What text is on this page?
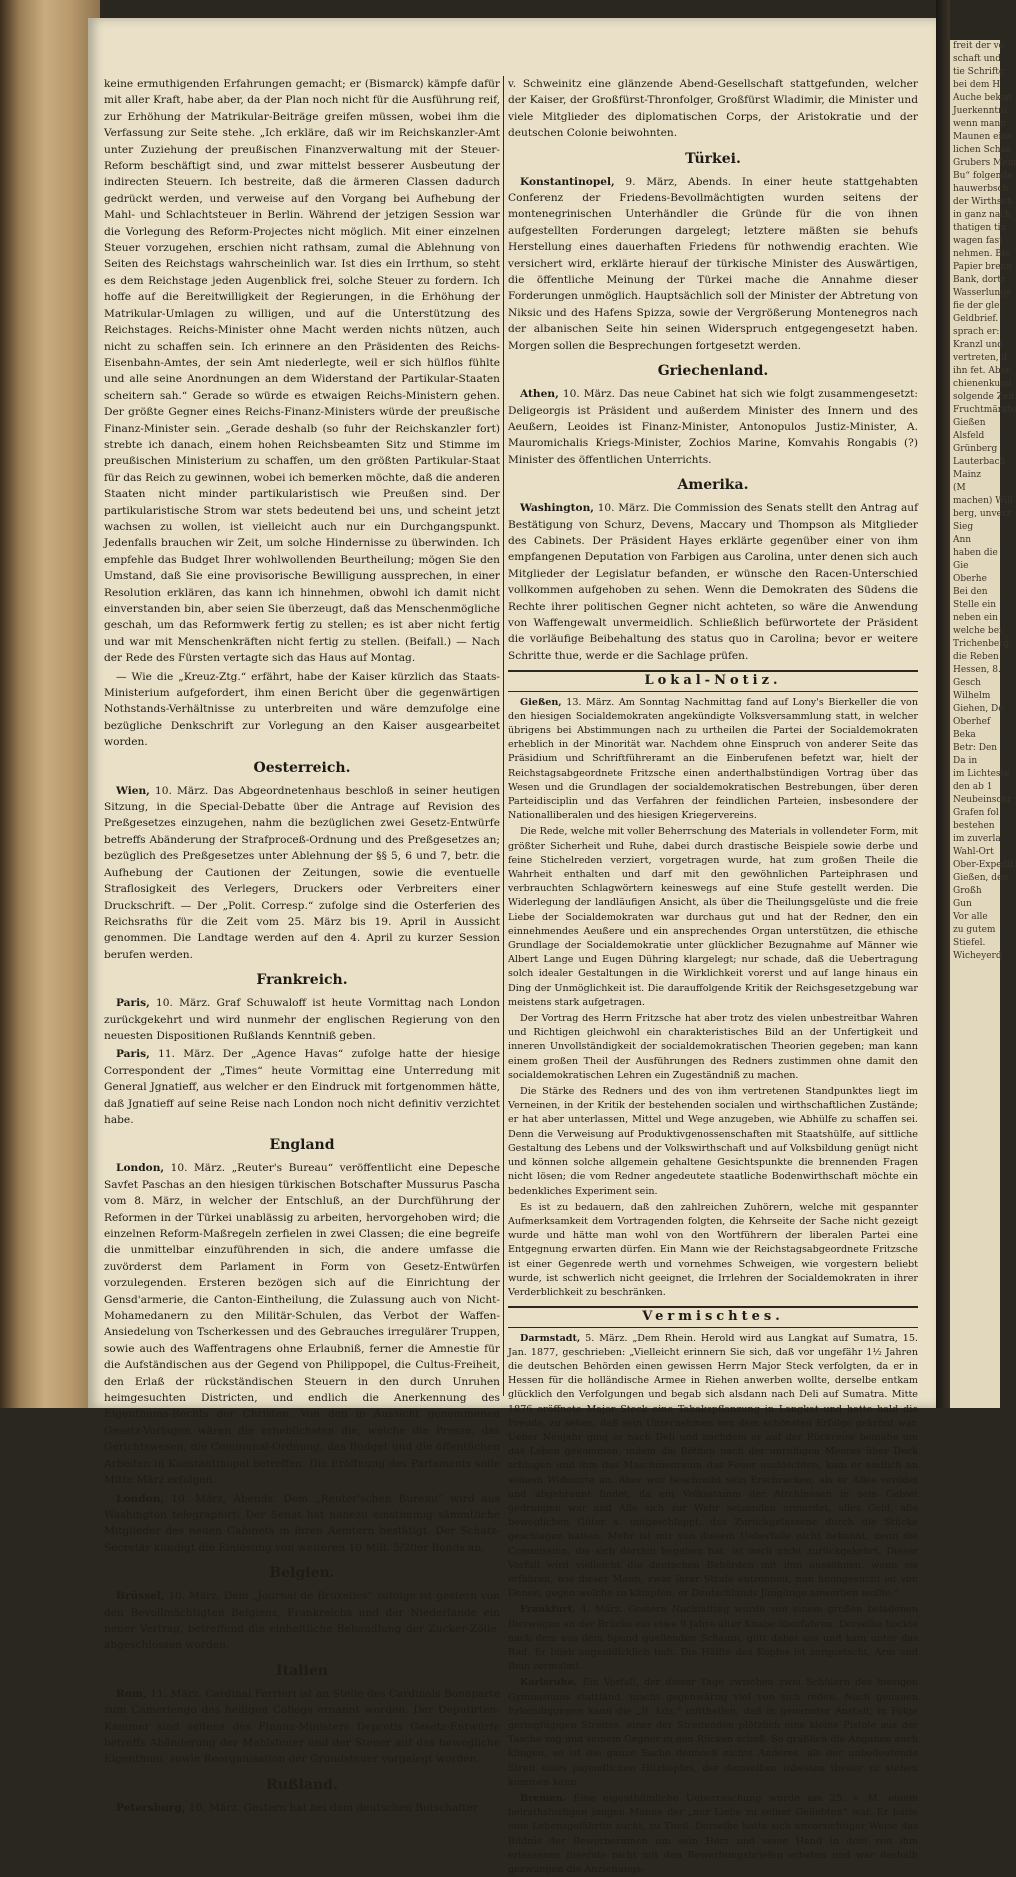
keine ermuthigenden Erfahrungen gemacht; er (Bismarck) kämpfe dafür mit aller Kraft, habe aber, da der Plan noch nicht für die Ausführung reif, zur Erhöhung der Matrikular-Beiträge greifen müssen, wobei ihm die Verfassung zur Seite stehe. „Ich erkläre, daß wir im Reichskanzler-Amt unter Zuziehung der preußischen Finanzverwaltung mit der Steuer-Reform beschäftigt sind, und zwar mittelst besserer Ausbeutung der indirecten Steuern. Ich bestreite, daß die ärmeren Classen dadurch gedrückt werden, und verweise auf den Vorgang bei Aufhebung der Mahl- und Schlachtsteuer in Berlin. Während der jetzigen Session war die Vorlegung des Reform-Projectes nicht möglich. Mit einer einzelnen Steuer vorzugehen, erschien nicht rathsam, zumal die Ablehnung von Seiten des Reichstags wahrscheinlich war. Ist dies ein Irrthum, so steht es dem Reichstage jeden Augenblick frei, solche Steuer zu fordern. Ich hoffe auf die Bereitwilligkeit der Regierungen, in die Erhöhung der Matrikular-Umlagen zu willigen, und auf die Unterstützung des Reichstages. Reichs-Minister ohne Macht werden nichts nützen, auch nicht zu schaffen sein. Ich erinnere an den Präsidenten des Reichs-Eisenbahn-Amtes, der sein Amt niederlegte, weil er sich hülflos fühlte und alle seine Anordnungen an dem Widerstand der Partikular-Staaten scheitern sah.“ Gerade so würde es etwaigen Reichs-Ministern gehen. Der größte Gegner eines Reichs-Finanz-Ministers würde der preußische Finanz-Minister sein. „Gerade deshalb (so fuhr der Reichskanzler fort) strebte ich danach, einem hohen Reichsbeamten Sitz und Stimme im preußischen Ministerium zu schaffen, um den größten Partikular-Staat für das Reich zu gewinnen, wobei ich bemerken möchte, daß die anderen Staaten nicht minder partikularistisch wie Preußen sind. Der partikularistische Strom war stets bedeutend bei uns, und scheint jetzt wachsen zu wollen, ist vielleicht auch nur ein Durchgangspunkt. Jedenfalls brauchen wir Zeit, um solche Hindernisse zu überwinden. Ich empfehle das Budget Ihrer wohlwollenden Beurtheilung; mögen Sie den Umstand, daß Sie eine provisorische Bewilligung aussprechen, in einer Resolution erklären, das kann ich hinnehmen, obwohl ich damit nicht einverstanden bin, aber seien Sie überzeugt, daß das Menschenmögliche geschah, um das Reformwerk fertig zu stellen; es ist aber nicht fertig und war mit Menschenkräften nicht fertig zu stellen. (Beifall.) — Nach der Rede des Fürsten vertagte sich das Haus auf Montag.

— Wie die „Kreuz-Ztg.“ erfährt, habe der Kaiser kürzlich das Staats-Ministerium aufgefordert, ihm einen Bericht über die gegenwärtigen Nothstands-Verhältnisse zu unterbreiten und wäre demzufolge eine bezügliche Denkschrift zur Vorlegung an den Kaiser ausgearbeitet worden.

Oesterreich.

Wien, 10. März. Das Abgeordnetenhaus beschloß in seiner heutigen Sitzung, in die Special-Debatte über die Antrage auf Revision des Preßgesetzes einzugehen, nahm die bezüglichen zwei Gesetz-Entwürfe betreffs Abänderung der Strafproceß-Ordnung und des Preßgesetzes an; bezüglich des Preßgesetzes unter Ablehnung der §§ 5, 6 und 7, betr. die Aufhebung der Cautionen der Zeitungen, sowie die eventuelle Straflosigkeit des Verlegers, Druckers oder Verbreiters einer Druckschrift. — Der „Polit. Corresp.“ zufolge sind die Osterferien des Reichsraths für die Zeit vom 25. März bis 19. April in Aussicht genommen. Die Landtage werden auf den 4. April zu kurzer Session berufen werden.

Frankreich.

Paris, 10. März. Graf Schuwaloff ist heute Vormittag nach London zurückgekehrt und wird nunmehr der englischen Regierung von den neuesten Dispositionen Rußlands Kenntniß geben.

Paris, 11. März. Der „Agence Havas“ zufolge hatte der hiesige Correspondent der „Times“ heute Vormittag eine Unterredung mit General Jgnatieff, aus welcher er den Eindruck mit fortgenommen hätte, daß Jgnatieff auf seine Reise nach London noch nicht definitiv verzichtet habe.

England

London, 10. März. „Reuter's Bureau“ veröffentlicht eine Depesche Savfet Paschas an den hiesigen türkischen Botschafter Mussurus Pascha vom 8. März, in welcher der Entschluß, an der Durchführung der Reformen in der Türkei unablässig zu arbeiten, hervorgehoben wird; die einzelnen Reform-Maßregeln zerfielen in zwei Classen; die eine begreife die unmittelbar einzuführenden in sich, die andere umfasse die zuvörderst dem Parlament in Form von Gesetz-Entwürfen vorzulegenden. Ersteren bezögen sich auf die Einrichtung der Gensd'armerie, die Canton-Eintheilung, die Zulassung auch von Nicht-Mohamedanern zu den Militär-Schulen, das Verbot der Waffen-Ansiedelung von Tscherkessen und des Gebrauches irregulärer Truppen, sowie auch des Waffentragens ohne Erlaubniß, ferner die Amnestie für die Aufständischen aus der Gegend von Philippopel, die Cultus-Freiheit, den Erlaß der rückständischen Steuern in den durch Unruhen heimgesuchten Districten, und endlich die Anerkennung des Eigenthums-Rechts der Christen. Von den in Aussicht genommenen Gesetz-Vorlagen wären die erheblichsten die, welche die Presse, das Gerichtswesen, die Communal-Ordnung, das Budget und die öffentlichen Arbeiten in Konstantinopel betreffen. Die Eröffnung des Parlaments solle Mitte März erfolgen.

London, 10. März, Abends. Dem „Reuter'schen Bureau“ wird aus Washington telegraphirt: Der Senat hat nahezu einstimmig sämmtliche Mitglieder des neuen Cabinets in ihren Aemtern bestätigt. Der Schatz-Secretär kündigt die Einlösung von weiteren 10 Mill. 5/20er Bonds an.

Belgien.

Brüssel, 10. März. Dem „Journal de Bruxelles“ zufolge ist gestern von den Bevollmächtigten Belgiens, Frankreichs und der Niederlande ein neuer Vertrag, betreffend die einheitliche Behandlung der Zucker-Zölle, abgeschlossen worden.

Italien

Rom, 11. März. Cardinal Ferrieri ist an Stelle des Cardinals Bonaparte zum Camerlengo des heiligen Collegs ernannt worden. Der Deputirten-Kammer sind seitens des Finanz-Ministers Depretis Gesetz-Entwürfe betreffs Abänderung der Mahlsteuer und der Steuer auf das bewegliche Eigenthum, sowie Reorganisation der Grundsteuer vorgelegt worden.

Rußland.

Petersburg, 10. März. Gestern hat bei dem deutschen Botschafter

v. Schweinitz eine glänzende Abend-Gesellschaft stattgefunden, welcher der Kaiser, der Großfürst-Thronfolger, Großfürst Wladimir, die Minister und viele Mitglieder des diplomatischen Corps, der Aristokratie und der deutschen Colonie beiwohnten.

Türkei.

Konstantinopel, 9. März, Abends. In einer heute stattgehabten Conferenz der Friedens-Bevollmächtigten wurden seitens der montenegrinischen Unterhändler die Gründe für die von ihnen aufgestellten Forderungen dargelegt; letztere mäßten sie behufs Herstellung eines dauerhaften Friedens für nothwendig erachten. Wie versichert wird, erklärte hierauf der türkische Minister des Auswärtigen, die öffentliche Meinung der Türkei mache die Annahme dieser Forderungen unmöglich. Hauptsächlich soll der Minister der Abtretung von Niksic und des Hafens Spizza, sowie der Vergrößerung Montenegros nach der albanischen Seite hin seinen Widerspruch entgegengesetzt haben. Morgen sollen die Besprechungen fortgesetzt werden.

Griechenland.

Athen, 10. März. Das neue Cabinet hat sich wie folgt zusammengesetzt: Deligeorgis ist Präsident und außerdem Minister des Innern und des Aeußern, Leoides ist Finanz-Minister, Antonopulos Justiz-Minister, A. Mauromichalis Kriegs-Minister, Zochios Marine, Komvahis Rongabis (?) Minister des öffentlichen Unterrichts.

Amerika.

Washington, 10. März. Die Commission des Senats stellt den Antrag auf Bestätigung von Schurz, Devens, Maccary und Thompson als Mitglieder des Cabinets. Der Präsident Hayes erklärte gegenüber einer von ihm empfangenen Deputation von Farbigen aus Carolina, unter denen sich auch Mitglieder der Legislatur befanden, er wünsche den Racen-Unterschied vollkommen aufgehoben zu sehen. Wenn die Demokraten des Südens die Rechte ihrer politischen Gegner nicht achteten, so wäre die Anwendung von Waffengewalt unvermeidlich. Schließlich befürwortete der Präsident die vorläufige Beibehaltung des status quo in Carolina; bevor er weitere Schritte thue, werde er die Sachlage prüfen.

Lokal-Notiz.

Gießen, 13. März. Am Sonntag Nachmittag fand auf Lony's Bierkeller die von den hiesigen Socialdemokraten angekündigte Volksversammlung statt, in welcher übrigens bei Abstimmungen nach zu urtheilen die Partei der Socialdemokraten erheblich in der Minorität war. Nachdem ohne Einspruch von anderer Seite das Präsidium und Schriftführeramt an die Einberufenen befetzt war, hielt der Reichstagsabgeordnete Fritzsche einen anderthalbstündigen Vortrag über das Wesen und die Grundlagen der socialdemokratischen Bestrebungen, über deren Parteidisciplin und das Verfahren der feindlichen Parteien, insbesondere der Nationalliberalen und des hiesigen Kriegervereins.

Die Rede, welche mit voller Beherrschung des Materials in vollendeter Form, mit größter Sicherheit und Ruhe, dabei durch drastische Beispiele sowie derbe und feine Stichelreden verziert, vorgetragen wurde, hat zum großen Theile die Wahrheit enthalten und darf mit den gewöhnlichen Parteiphrasen und verbrauchten Schlagwörtern keineswegs auf eine Stufe gestellt werden. Die Widerlegung der landläufigen Ansicht, als über die Theilungsgelüste und die freie Liebe der Socialdemokraten war durchaus gut und hat der Redner, den ein einnehmendes Aeußere und ein ansprechendes Organ unterstützen, die ethische Grundlage der Socialdemokratie unter glücklicher Bezugnahme auf Männer wie Albert Lange und Eugen Dühring klargelegt; nur schade, daß die Uebertragung solch idealer Gestaltungen in die Wirklichkeit vorerst und auf lange hinaus ein Ding der Unmöglichkeit ist. Die darauffolgende Kritik der Reichsgesetzgebung war meistens stark aufgetragen.

Der Vortrag des Herrn Fritzsche hat aber trotz des vielen unbestreitbar Wahren und Richtigen gleichwohl ein charakteristisches Bild an der Unfertigkeit und inneren Unvollständigkeit der socialdemokratischen Theorien gegeben; man kann einem großen Theil der Ausführungen des Redners zustimmen ohne damit den socialdemokratischen Lehren ein Zugeständniß zu machen.

Die Stärke des Redners und des von ihm vertretenen Standpunktes liegt im Verneinen, in der Kritik der bestehenden socialen und wirthschaftlichen Zustände; er hat aber unterlassen, Mittel und Wege anzugeben, wie Abhülfe zu schaffen sei. Denn die Verweisung auf Produktivgenossenschaften mit Staatshülfe, auf sittliche Gestaltung des Lebens und der Volkswirthschaft und auf Volksbildung genügt nicht und können solche allgemein gehaltene Gesichtspunkte die brennenden Fragen nicht lösen; die vom Redner angedeutete staatliche Bodenwirthschaft möchte ein bedenkliches Experiment sein.

Es ist zu bedauern, daß den zahlreichen Zuhörern, welche mit gespannter Aufmerksamkeit dem Vortragenden folgten, die Kehrseite der Sache nicht gezeigt wurde und hätte man wohl von den Wortführern der liberalen Partei eine Entgegnung erwarten dürfen. Ein Mann wie der Reichstagsabgeordnete Fritzsche ist einer Gegenrede werth und vornehmes Schweigen, wie vorgestern beliebt wurde, ist schwerlich nicht geeignet, die Irrlehren der Socialdemokraten in ihrer Verderblichkeit zu beschränken.

Vermischtes.

Darmstadt, 5. März. „Dem Rhein. Herold wird aus Langkat auf Sumatra, 15. Jan. 1877, geschrieben: „Vielleicht erinnern Sie sich, daß vor ungefähr 1½ Jahren die deutschen Behörden einen gewissen Herrn Major Steck verfolgten, da er in Hessen für die holländische Armee in Riehen anwerben wollte, derselbe entkam glücklich den Verfolgungen und begab sich alsdann nach Deli auf Sumatra. Mitte 1876 eröffnete Major Steck eine Tabakspflanzung in Langkat und hatte bald die Freude, zu sehen, daß sein Unternehmen von dem schönsten Erfolge gekrönt war. Ueber Neujahr ging er nach Deli und nachdem er auf der Rückreise beinahe um das Leben gekommen, indem die Böthen nach der unruhigen Meeres über Deck schlugen und ihm das Maschinenraum das Feuer auslöschten, kam er endlich an seinem Wohnorte an. Aber wer beschreibt sein Erschrecken, als er Alles verödet und abgebrannt findet, da ein Volksstamm der Attchinesen in sein Gebiet gedrungen war und Alle sich zur Wehr setzenden ermordet, alles Geld, alle beweglichen Güter x. mitgeschleppt, das Zurückgelassene durch die Stücke geschlagen hatten. Mehr ist mir von diesem Ueberfalle nicht bekannt, denn die Commission, die sich dorthin begeben hat, ist noch nicht zurückgekehrt. Dieser Vorfall wird vielleicht die deutschen Behörden mit ihm aussöhnen, wenn sie erfahren, wie dieser Mann, zwar ihrer Strafe entronnen, nun heimgesucht ist von Denen, gegen welche zu kämpfen, er Deutschlands Jünglinge anwerben wollte.“

Frankfurt, 4. März. Gestern Nachmittag wurde von einem großen beladenen Bierwagen an der Brücke ein etwa 9 Jahre alter Knabe überfahren. Derselbe hockte nach dem aus dem Spund quellenden Schaum, glitt dabei aus und kam unter das Rad. Er blieb augenblicklich todt. Die Hälfte des Kopfes ist zerquetscht, Arm und Bein zermalmt.

Karlsruhe. Ein Vorfall, der dieser Tage zwischen zwei Schülern des hiesigen Gymnasiums stattfand, macht gegenwärtig viel von sich reden. Nach genauen Erkundigungen kann die „B. Ldz.“ mittheilen, daß in genannter Anstalt, in Folge geringfügigen Streites, einer der Streitenden plötzlich eine kleine Pistole aus der Tasche zog und seinem Gegner in den Rücken schoß. So gräßlich die Angaben auch klingen, so ist die ganze Sache dennoch nichts Anderes, als der unbedeutende Streit eines jugendlichen Hitzkopfes, der demselben inbesten theuer zu stehen kommen kann.

Bremen. Eine eigenthümliche Ueberraschung wurde am 25. v. M. einem heirathslustigen jungen Manne der „nur Liebe zu seiner Geliebten“ war. Er hatte eine Lebensgefährtin sucht, zu Theil. Derselbe hatte sich unvorsichtiger Weise das Bildnis der Bewerberinnen um sein Herz und seine Hand in dem von ihm erlassenen Inserate nicht mit den Bewerbungsbriefen erbeten und war deshalb gezwungen die Anziehungs-

freit der ve
schaft und
tie Schriftg
bei dem H
Auche bekan
Juerkenntni
wenn mann
Maunen eine
lichen Schae
Grubers Mein
Bu“ folgende
hauwerbsch
der Wirthsch
in ganz nach
thatigen tin
wagen fast
nehmen. Bie
Papier brenn
Bank, dortr
Wasserlunge
fie der gle
Geldbrief.
sprach er:
Kranzl und
vertreten, d
ihn fet. Aber
chienenkund
solgende Zeit
Fruchtmärkte
Gießen
Alsfeld
Grünberg
Lauterbach
Mainz
(M
machen) Will
berg, unverz
Sieg
Ann
haben die
Gie
Oberhe
Bei den
Stelle ein
neben ein
welche bei
Trichenberg
die Reben
Hessen, 8.
Gesch
Wilhelm
Giehen, De
Oberhef
Beka
Betr: Den
Da in
im Lichteste
den ab 1
Neubeinschr
Grafen fol
bestehen
im zuverla
Wahl-Ort
Ober-Expedit
Gießen, den
Großh
Gun
Vor alle
zu gutem
Stiefel.
Wicheyerd
